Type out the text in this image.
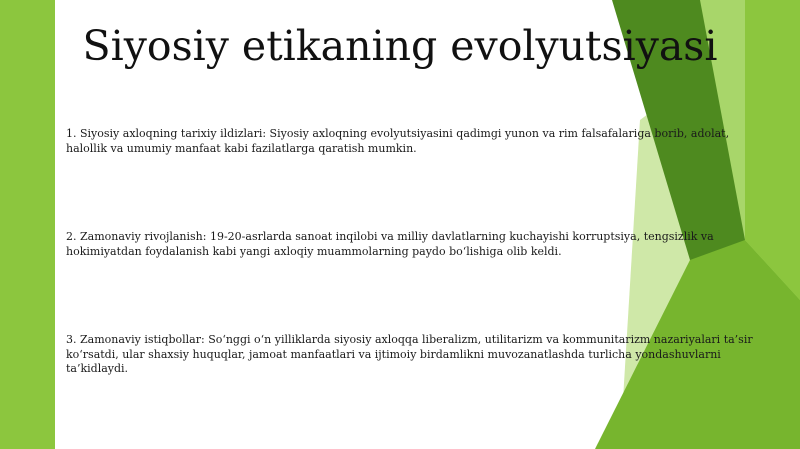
Siyosiy etikaning evolyutsiyasi
1. Siyosiy axloqning tarixiy ildizlari: Siyosiy axloqning evolyutsiyasini qadimgi yunon va rim falsafalariga borib, adolat, halollik va umumiy manfaat kabi fazilatlarga qaratish mumkin.
2. Zamonaviy rivojlanish: 19-20-asrlarda sanoat inqilobi va milliy davlatlarning kuchayishi korruptsiya, tengsizlik va hokimiyatdan foydalanish kabi yangi axloqiy muammolarning paydo bo‘lishiga olib keldi.
3. Zamonaviy istiqbollar: So‘nggi o‘n yilliklarda siyosiy axloqqa liberalizm, utilitarizm va kommunitarizm nazariyalari ta’sir ko‘rsatdi, ular shaxsiy huquqlar, jamoat manfaatlari va ijtimoiy birdamlikni muvozanatlashda turlicha yondashuvlarni ta’kidlaydi.
